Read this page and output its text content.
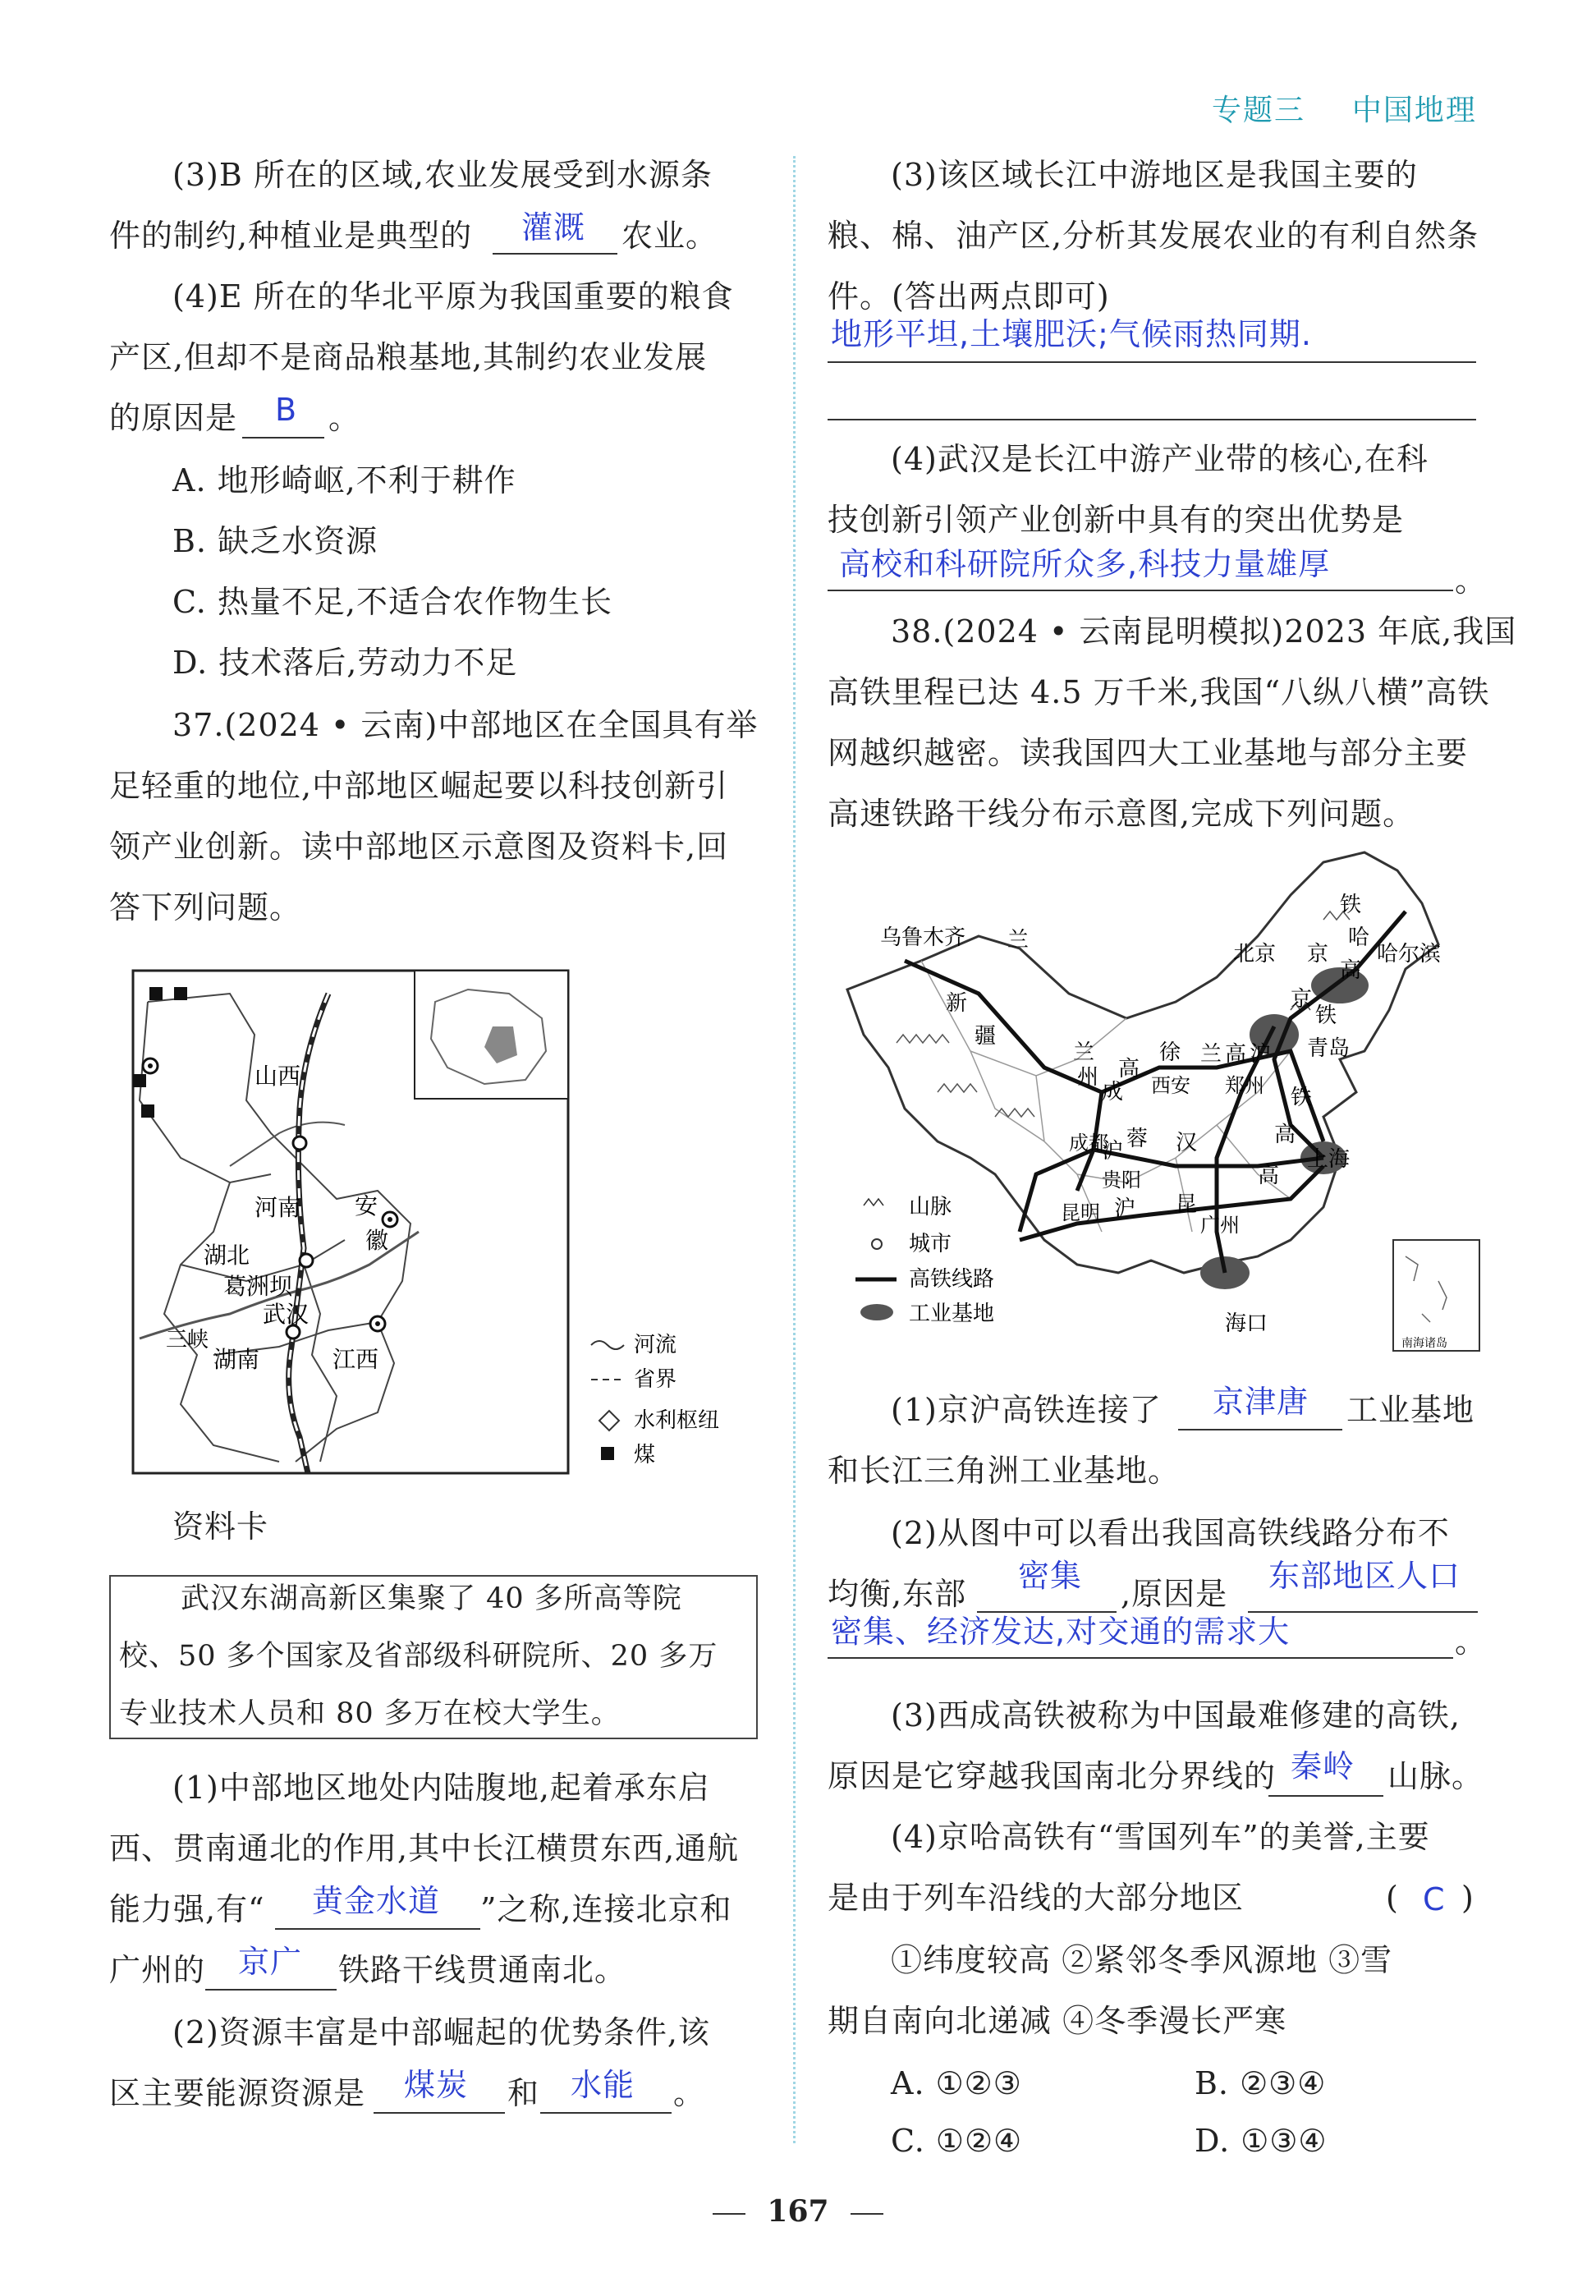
专题三 中国地理
(3)B 所在的区域,农业发展受到水源条
件的制约,种植业是典型的 灌溉 农业。
(4)E 所在的华北平原为我国重要的粮食
产区,但却不是商品粮基地,其制约农业发展
的原因是 B 。
A. 地形崎岖,不利于耕作
B. 缺乏水资源
C. 热量不足,不适合农作物生长
D. 技术落后,劳动力不足
37.(2024 • 云南)中部地区在全国具有举
足轻重的地位,中部地区崛起要以科技创新引
领产业创新。读中部地区示意图及资料卡,回
答下列问题。
山西
河南 安
徽
湖北
葛洲坝
武汉
三峡
湖南	江西
河流
省界
水利枢纽
煤
资料卡
武汉东湖高新区集聚了 40 多所高等院
校、50 多个国家及省部级科研院所、20 多万
专业技术人员和 80 多万在校大学生。
(1)中部地区地处内陆腹地,起着承东启
西、贯南通北的作用,其中长江横贯东西,通航
能力强,有“ 黄金水道 ”之称,连接北京和
广州的 京广 铁路干线贯通南北。
(2)资源丰富是中部崛起的优势条件,该
区主要能源资源是 煤炭 和 水能 。
(3)该区域长江中游地区是我国主要的
粮、棉、油产区,分析其发展农业的有利自然条
件。(答出两点即可)
地形平坦,土壤肥沃;气候雨热同期.
(4)武汉是长江中游产业带的核心,在科
技创新引领产业创新中具有的突出优势是
高校和科研院所众多,科技力量雄厚	。
38.(2024 • 云南昆明模拟)2023 年底,我国
高铁里程已达 4.5 万千米,我国“八纵八横”高铁
网越织越密。读我国四大工业基地与部分主要
高速铁路干线分布示意图,完成下列问题。
乌鲁木齐 兰
新
疆
铁
哈尔滨
北京 京
哈
高
京
铁
兰
州
徐 兰 高
西安 郑州
沪 青岛
成
高
铁
上海
成都
沪 汉
蓉	高
贵阳
昆明 沪 昆
广州
高
海口
山脉
城市
高铁线路
工业基地
南海诸岛
(1)京沪高铁连接了 京津唐 工业基地
和长江三角洲工业基地。
(2)从图中可以看出我国高铁线路分布不
均衡,东部 密集 ,原因是 东部地区人口
密集、经济发达,对交通的需求大	。
(3)西成高铁被称为中国最难修建的高铁,
原因是它穿越我国南北分界线的 秦岭 山脉。
(4)京哈高铁有“雪国列车”的美誉,主要
是由于列车沿线的大部分地区	( C )
①纬度较高 ②紧邻冬季风源地 ③雪
期自南向北递减 ④冬季漫长严寒
A. ①②③	B. ②③④
C. ①②④	D. ①③④
167
